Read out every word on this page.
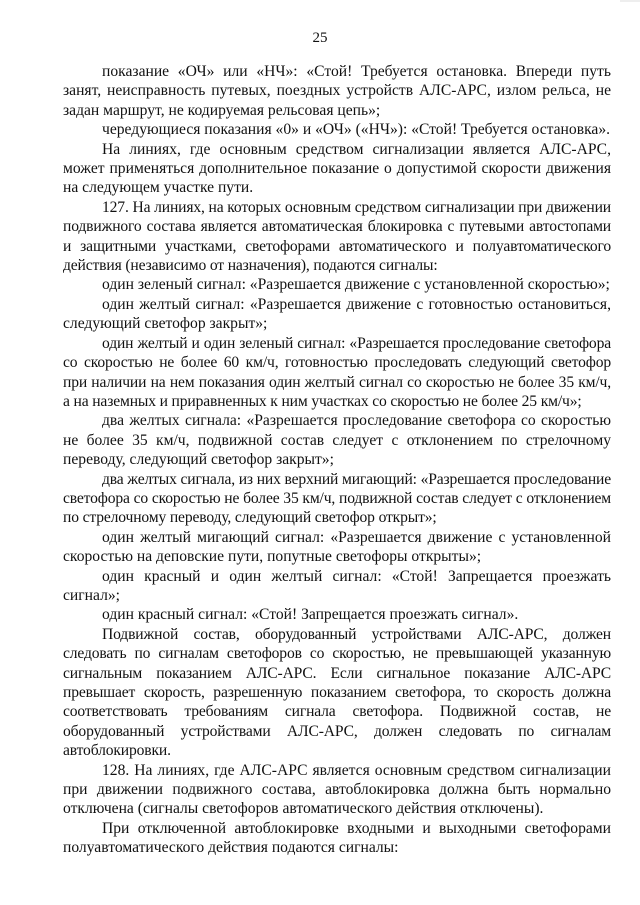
25

показание «ОЧ» или «НЧ»: «Стой! Требуется остановка. Впереди путь занят, неисправность путевых, поездных устройств АЛС-АРС, излом рельса, не задан маршрут, не кодируемая рельсовая цепь»;

чередующиеся показания «0» и «ОЧ» («НЧ»): «Стой! Требуется остановка».

На линиях, где основным средством сигнализации является АЛС-АРС, может применяться дополнительное показание о допустимой скорости движения на следующем участке пути.

127. На линиях, на которых основным средством сигнализации при движении подвижного состава является автоматическая блокировка с путевыми автостопами и защитными участками, светофорами автоматического и полуавтоматического действия (независимо от назначения), подаются сигналы:

один зеленый сигнал: «Разрешается движение с установленной скоростью»;

один желтый сигнал: «Разрешается движение с готовностью остановиться, следующий светофор закрыт»;

один желтый и один зеленый сигнал: «Разрешается проследование светофора со скоростью не более 60 км/ч, готовностью проследовать следующий светофор при наличии на нем показания один желтый сигнал со скоростью не более 35 км/ч, а на наземных и приравненных к ним участках со скоростью не более 25 км/ч»;

два желтых сигнала: «Разрешается проследование светофора со скоростью не более 35 км/ч, подвижной состав следует с отклонением по стрелочному переводу, следующий светофор закрыт»;

два желтых сигнала, из них верхний мигающий: «Разрешается проследование светофора со скоростью не более 35 км/ч, подвижной состав следует с отклонением по стрелочному переводу, следующий светофор открыт»;

один желтый мигающий сигнал: «Разрешается движение с установленной скоростью на деповские пути, попутные светофоры открыты»;

один красный и один желтый сигнал: «Стой! Запрещается проезжать сигнал»;

один красный сигнал: «Стой! Запрещается проезжать сигнал».

Подвижной состав, оборудованный устройствами АЛС-АРС, должен следовать по сигналам светофоров со скоростью, не превышающей указанную сигнальным показанием АЛС-АРС. Если сигнальное показание АЛС-АРС превышает скорость, разрешенную показанием светофора, то скорость должна соответствовать требованиям сигнала светофора. Подвижной состав, не оборудованный устройствами АЛС-АРС, должен следовать по сигналам автоблокировки.

128. На линиях, где АЛС-АРС является основным средством сигнализации при движении подвижного состава, автоблокировка должна быть нормально отключена (сигналы светофоров автоматического действия отключены).

При отключенной автоблокировке входными и выходными светофорами полуавтоматического действия подаются сигналы:
